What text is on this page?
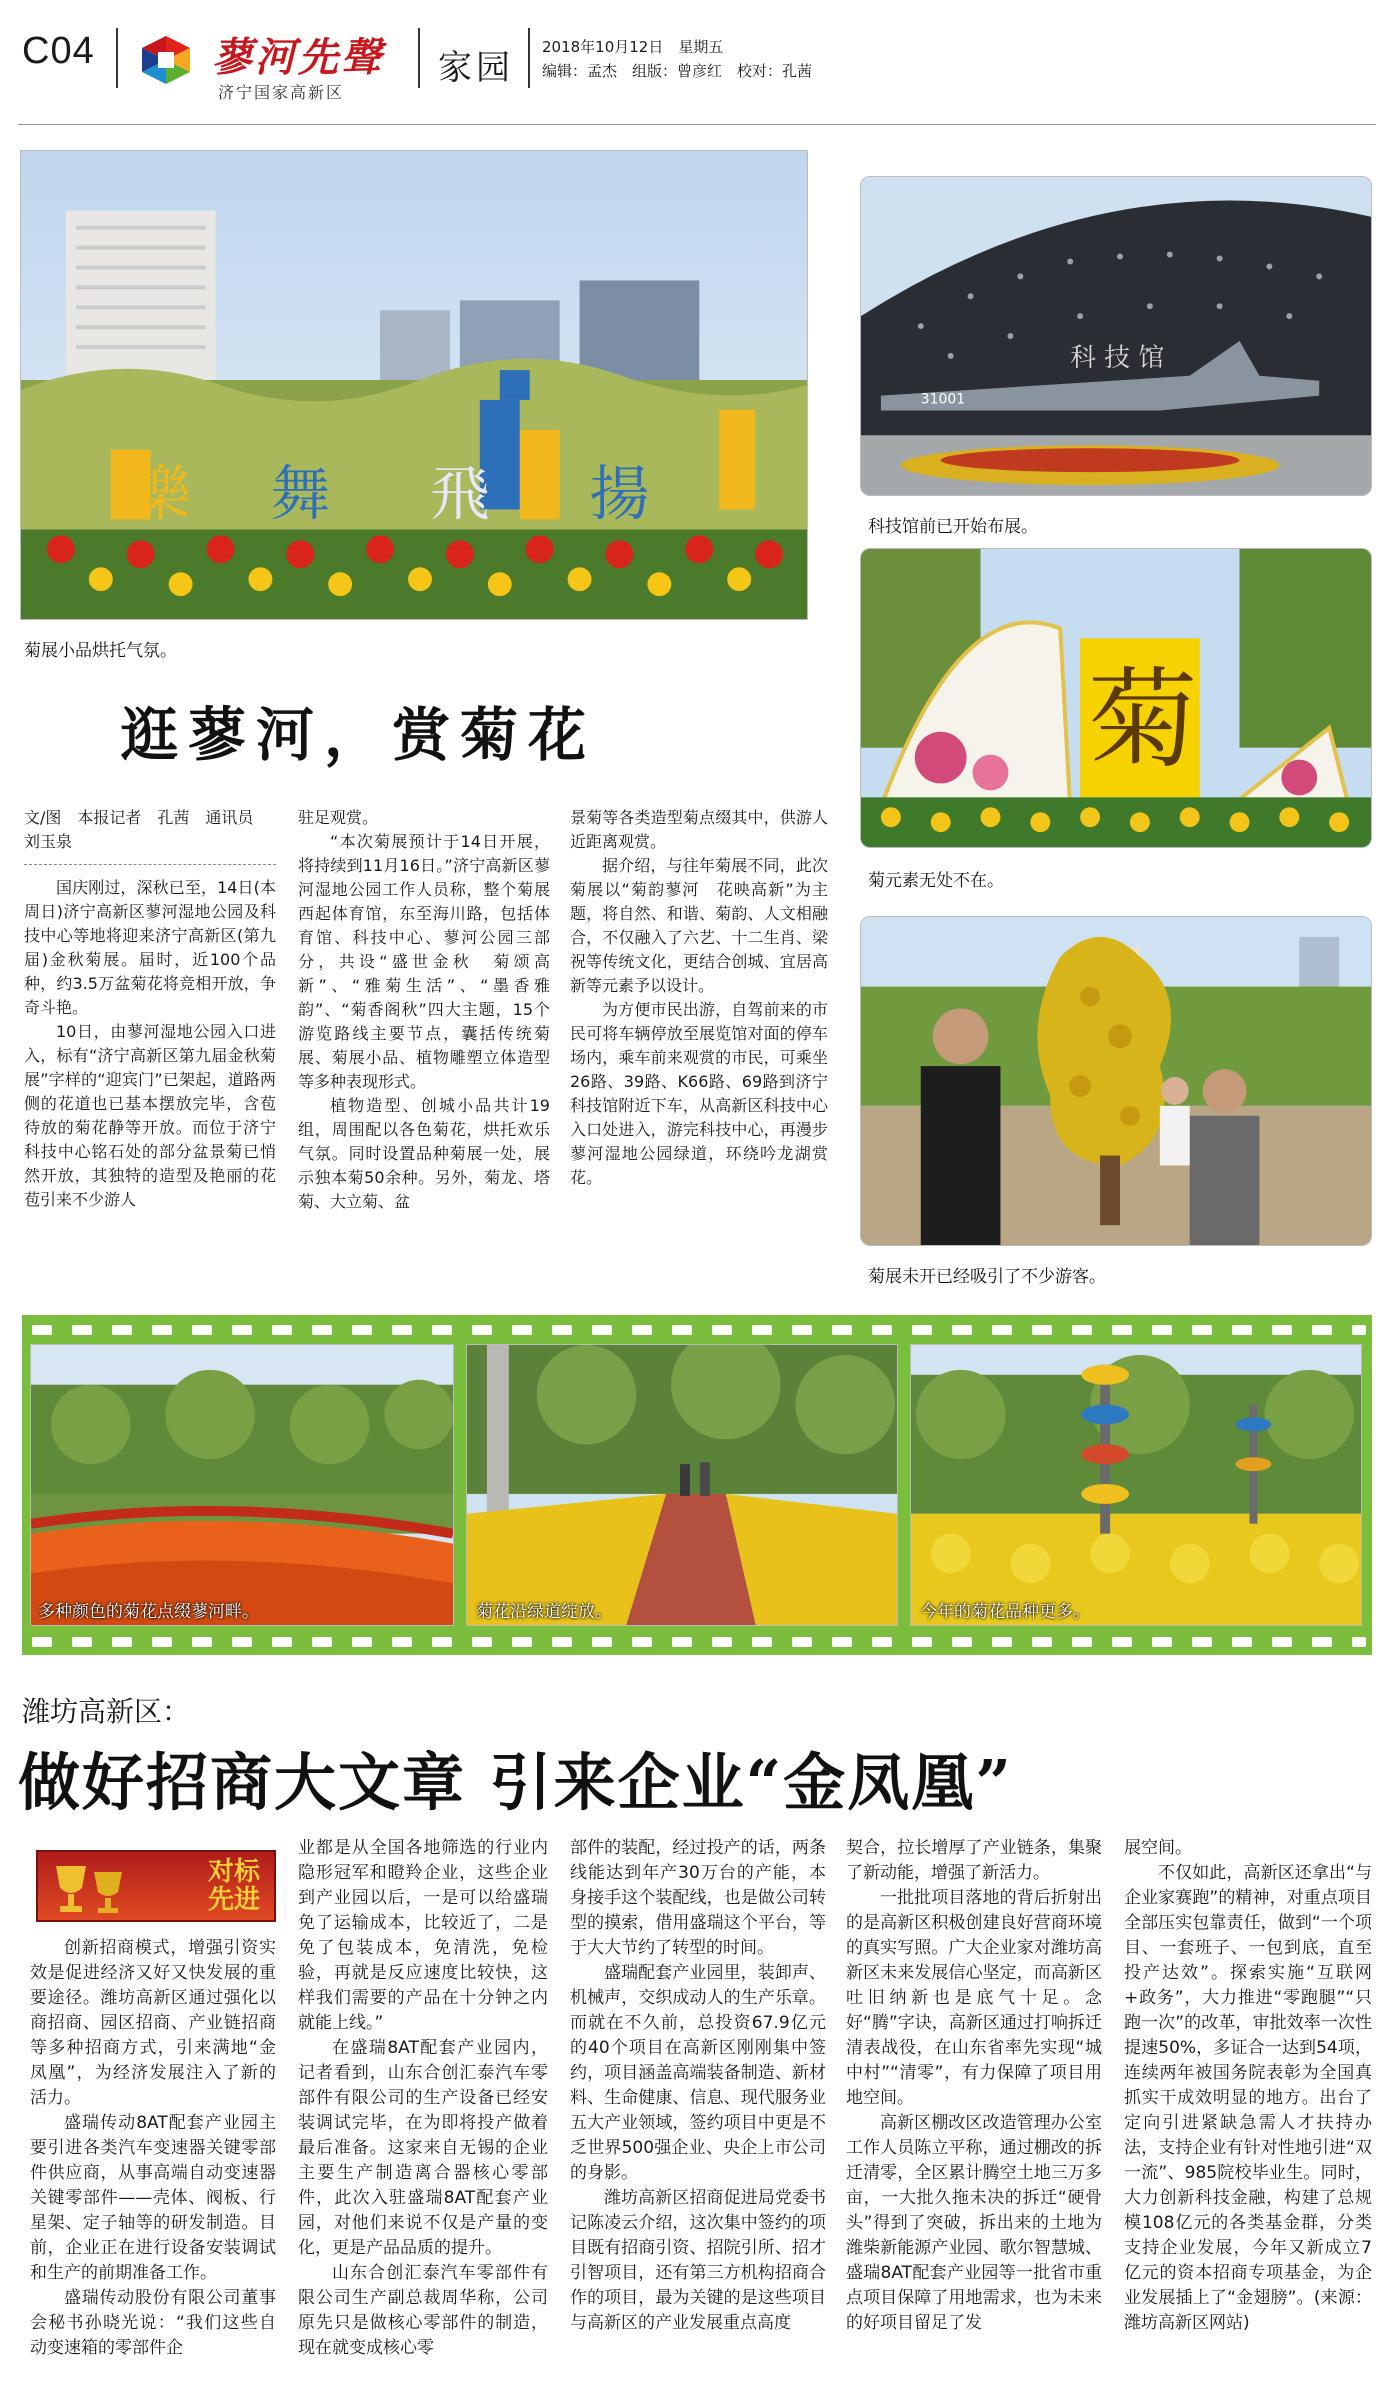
C04	蓼河先聲
济宁国家高新区
家园
2018年10月12日　星期五
编辑：孟杰　组版：曾彦红　校对：孔茜
樂 舞 飛 揚
菊展小品烘托气氛。
科 技 馆
31001
科技馆前已开始布展。
菊
菊元素无处不在。
菊展未开已经吸引了不少游客。
逛蓼河，赏菊花
文/图　本报记者　孔茜　通讯员　刘玉泉

国庆刚过，深秋已至，14日(本周日)济宁高新区蓼河湿地公园及科技中心等地将迎来济宁高新区(第九届)金秋菊展。届时，近100个品种，约3.5万盆菊花将竞相开放，争奇斗艳。

10日，由蓼河湿地公园入口进入，标有“济宁高新区第九届金秋菊展”字样的“迎宾门”已架起，道路两侧的花道也已基本摆放完毕，含苞待放的菊花静等开放。而位于济宁科技中心铭石处的部分盆景菊已悄然开放，其独特的造型及艳丽的花苞引来不少游人

驻足观赏。

“本次菊展预计于14日开展，将持续到11月16日。”济宁高新区蓼河湿地公园工作人员称，整个菊展西起体育馆，东至海川路，包括体育馆、科技中心、蓼河公园三部分，共设“盛世金秋　菊颂高新”、“雅菊生活”、“墨香雅韵”、“菊香阁秋”四大主题，15个游览路线主要节点，囊括传统菊展、菊展小品、植物雕塑立体造型等多种表现形式。

植物造型、创城小品共计19组，周围配以各色菊花，烘托欢乐气氛。同时设置品种菊展一处，展示独本菊50余种。另外，菊龙、塔菊、大立菊、盆

景菊等各类造型菊点缀其中，供游人近距离观赏。

据介绍，与往年菊展不同，此次菊展以“菊韵蓼河　花映高新”为主题，将自然、和谐、菊韵、人文相融合，不仅融入了六艺、十二生肖、梁祝等传统文化，更结合创城、宜居高新等元素予以设计。

为方便市民出游，自驾前来的市民可将车辆停放至展览馆对面的停车场内，乘车前来观赏的市民，可乘坐26路、39路、K66路、69路到济宁科技馆附近下车，从高新区科技中心入口处进入，游完科技中心，再漫步蓼河湿地公园绿道，环绕吟龙湖赏花。

多种颜色的菊花点缀蓼河畔。	菊花沿绿道绽放。	今年的菊花品种更多。
潍坊高新区：
做好招商大文章 引来企业“金凤凰”
对标
先进

创新招商模式，增强引资实效是促进经济又好又快发展的重要途径。潍坊高新区通过强化以商招商、园区招商、产业链招商等多种招商方式，引来满地“金凤凰”，为经济发展注入了新的活力。

盛瑞传动8AT配套产业园主要引进各类汽车变速器关键零部件供应商，从事高端自动变速器关键零部件——壳体、阀板、行星架、定子轴等的研发制造。目前，企业正在进行设备安装调试和生产的前期准备工作。

盛瑞传动股份有限公司董事会秘书孙晓光说：“我们这些自动变速箱的零部件企

业都是从全国各地筛选的行业内隐形冠军和瞪羚企业，这些企业到产业园以后，一是可以给盛瑞免了运输成本，比较近了，二是免了包装成本，免清洗，免检验，再就是反应速度比较快，这样我们需要的产品在十分钟之内就能上线。”

在盛瑞8AT配套产业园内，记者看到，山东合创汇泰汽车零部件有限公司的生产设备已经安装调试完毕，在为即将投产做着最后准备。这家来自无锡的企业主要生产制造离合器核心零部件，此次入驻盛瑞8AT配套产业园，对他们来说不仅是产量的变化，更是产品品质的提升。

山东合创汇泰汽车零部件有限公司生产副总裁周华称，公司原先只是做核心零部件的制造，现在就变成核心零

部件的装配，经过投产的话，两条线能达到年产30万台的产能，本身接手这个装配线，也是做公司转型的摸索，借用盛瑞这个平台，等于大大节约了转型的时间。

盛瑞配套产业园里，装卸声、机械声，交织成动人的生产乐章。而就在不久前，总投资67.9亿元的40个项目在高新区刚刚集中签约，项目涵盖高端装备制造、新材料、生命健康、信息、现代服务业五大产业领域，签约项目中更是不乏世界500强企业、央企上市公司的身影。

潍坊高新区招商促进局党委书记陈凌云介绍，这次集中签约的项目既有招商引资、招院引所、招才引智项目，还有第三方机构招商合作的项目，最为关键的是这些项目与高新区的产业发展重点高度

契合，拉长增厚了产业链条，集聚了新动能，增强了新活力。

一批批项目落地的背后折射出的是高新区积极创建良好营商环境的真实写照。广大企业家对潍坊高新区未来发展信心坚定，而高新区吐旧纳新也是底气十足。念好“腾”字诀，高新区通过打响拆迁清表战役，在山东省率先实现“城中村”“清零”，有力保障了项目用地空间。

高新区棚改区改造管理办公室工作人员陈立平称，通过棚改的拆迁清零，全区累计腾空土地三万多亩，一大批久拖未决的拆迁“硬骨头”得到了突破，拆出来的土地为潍柴新能源产业园、歌尔智慧城、盛瑞8AT配套产业园等一批省市重点项目保障了用地需求，也为未来的好项目留足了发

展空间。

不仅如此，高新区还拿出“与企业家赛跑”的精神，对重点项目全部压实包靠责任，做到“一个项目、一套班子、一包到底，直至投产达效”。探索实施“互联网+政务”，大力推进“零跑腿”“只跑一次”的改革，审批效率一次性提速50%，多证合一达到54项，连续两年被国务院表彰为全国真抓实干成效明显的地方。出台了定向引进紧缺急需人才扶持办法，支持企业有针对性地引进“双一流”、985院校毕业生。同时，大力创新科技金融，构建了总规模108亿元的各类基金群，分类支持企业发展，今年又新成立7亿元的资本招商专项基金，为企业发展插上了“金翅膀”。(来源：潍坊高新区网站)
